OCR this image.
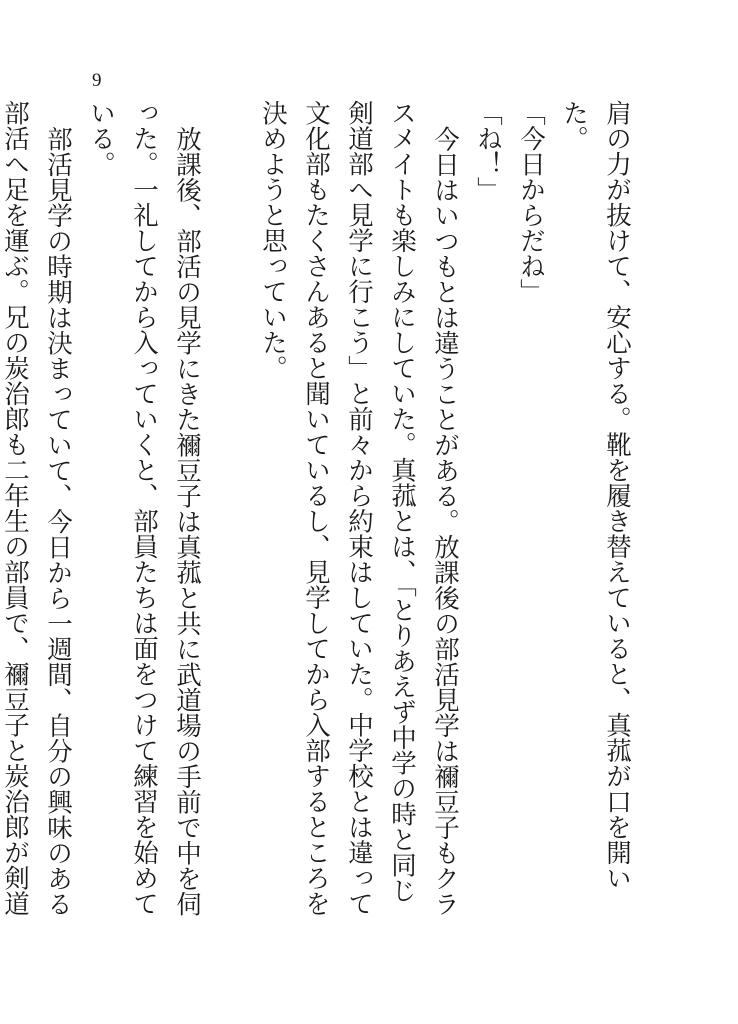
9

肩の力が抜けて、安心する。靴を履き替えていると、真菰が口を開いた。

「今日からだね」

「ね！」

今日はいつもとは違うことがある。放課後の部活見学は禰豆子もクラスメイトも楽しみにしていた。真菰とは、「とりあえず中学の時と同じ剣道部へ見学に行こう」と前々から約束はしていた。中学校とは違って文化部もたくさんあると聞いているし、見学してから入部するところを決めようと思っていた。

放課後、部活の見学にきた禰豆子は真菰と共に武道場の手前で中を伺った。一礼してから入っていくと、部員たちは面をつけて練習を始めている。

部活見学の時期は決まっていて、今日から一週間、自分の興味のある部活へ足を運ぶ。兄の炭治郎も二年生の部員で、禰豆子と炭治郎が剣道
